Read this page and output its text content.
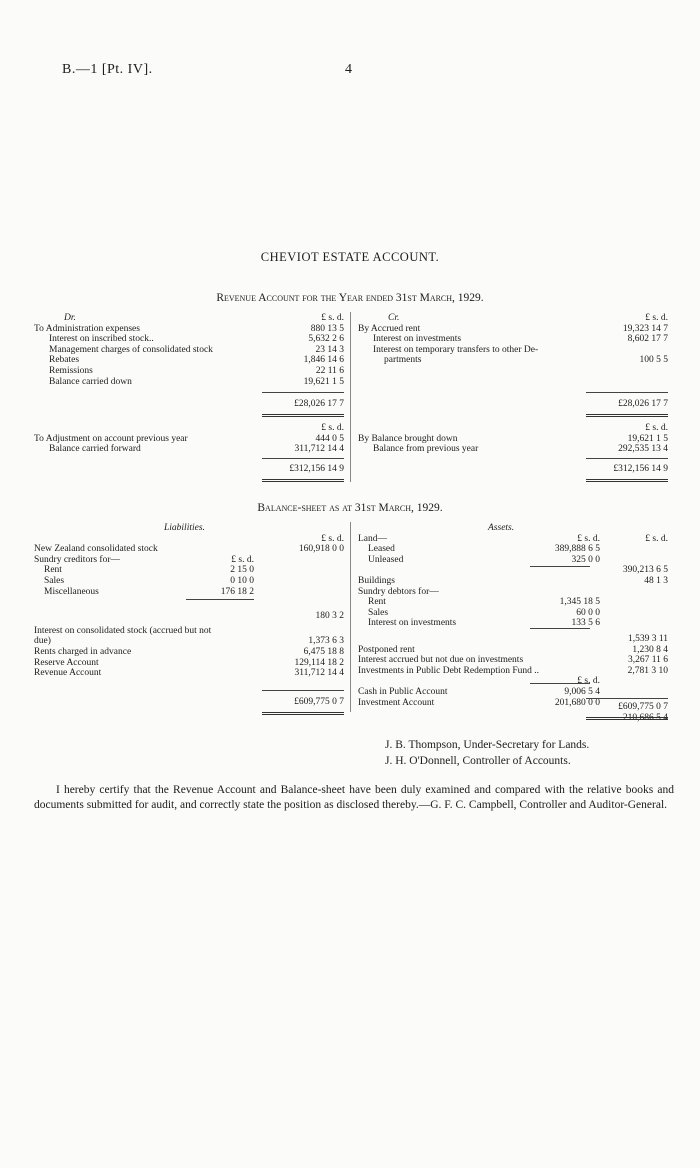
B.—1 [Pt. IV].	4
CHEVIOT ESTATE ACCOUNT.
Revenue Account for the Year ended 31st March, 1929.
Dr.	£ s. d.
To Administration expenses	880 13 5
Interest on inscribed stock..	5,632 2 6
Management charges of consolidated stock	23 14 3
Rebates	1,846 14 6
Remissions	22 11 6
Balance carried down	19,621 1 5
£28,026 17 7
Cr.	£ s. d.
By Accrued rent	19,323 14 7
Interest on investments	8,602 17 7
Interest on temporary transfers to other De-
partments	100 5 5
£28,026 17 7
£ s. d.
To Adjustment on account previous year	444 0 5
Balance carried forward	311,712 14 4
£312,156 14 9
£ s. d.
By Balance brought down	19,621 1 5
Balance from previous year	292,535 13 4
£312,156 14 9
Balance-sheet as at 31st March, 1929.
Liabilities.
£ s. d.
New Zealand consolidated stock	160,918 0 0
Sundry creditors for—	£ s. d.
Rent	2 15 0
Sales	0 10 0
Miscellaneous	176 18 2
180 3 2
Interest on consolidated stock (accrued but not
due)	1,373 6 3
Rents charged in advance	6,475 18 8
Reserve Account	129,114 18 2
Revenue Account	311,712 14 4
£609,775 0 7
Assets.
Land—	£ s. d.	£ s. d.
Leased	389,888 6 5
Unleased	325 0 0
390,213 6 5
Buildings	48 1 3
Sundry debtors for—
Rent	1,345 18 5
Sales	60 0 0
Interest on investments	133 5 6
1,539 3 11
Postponed rent	1,230 8 4
Interest accrued but not due on investments	3,267 11 6
Investments in Public Debt Redemption Fund ..	2,781 3 10
£ s. d.
Cash in Public Account	9,006 5 4
Investment Account	201,680 0 0
210,686 5 4
£609,775 0 7
J. B. Thompson, Under-Secretary for Lands.
J. H. O'Donnell, Controller of Accounts.
I hereby certify that the Revenue Account and Balance-sheet have been duly examined and compared with the relative books and documents submitted for audit, and correctly state the position as disclosed thereby.—G. F. C. Campbell, Controller and Auditor-General.
